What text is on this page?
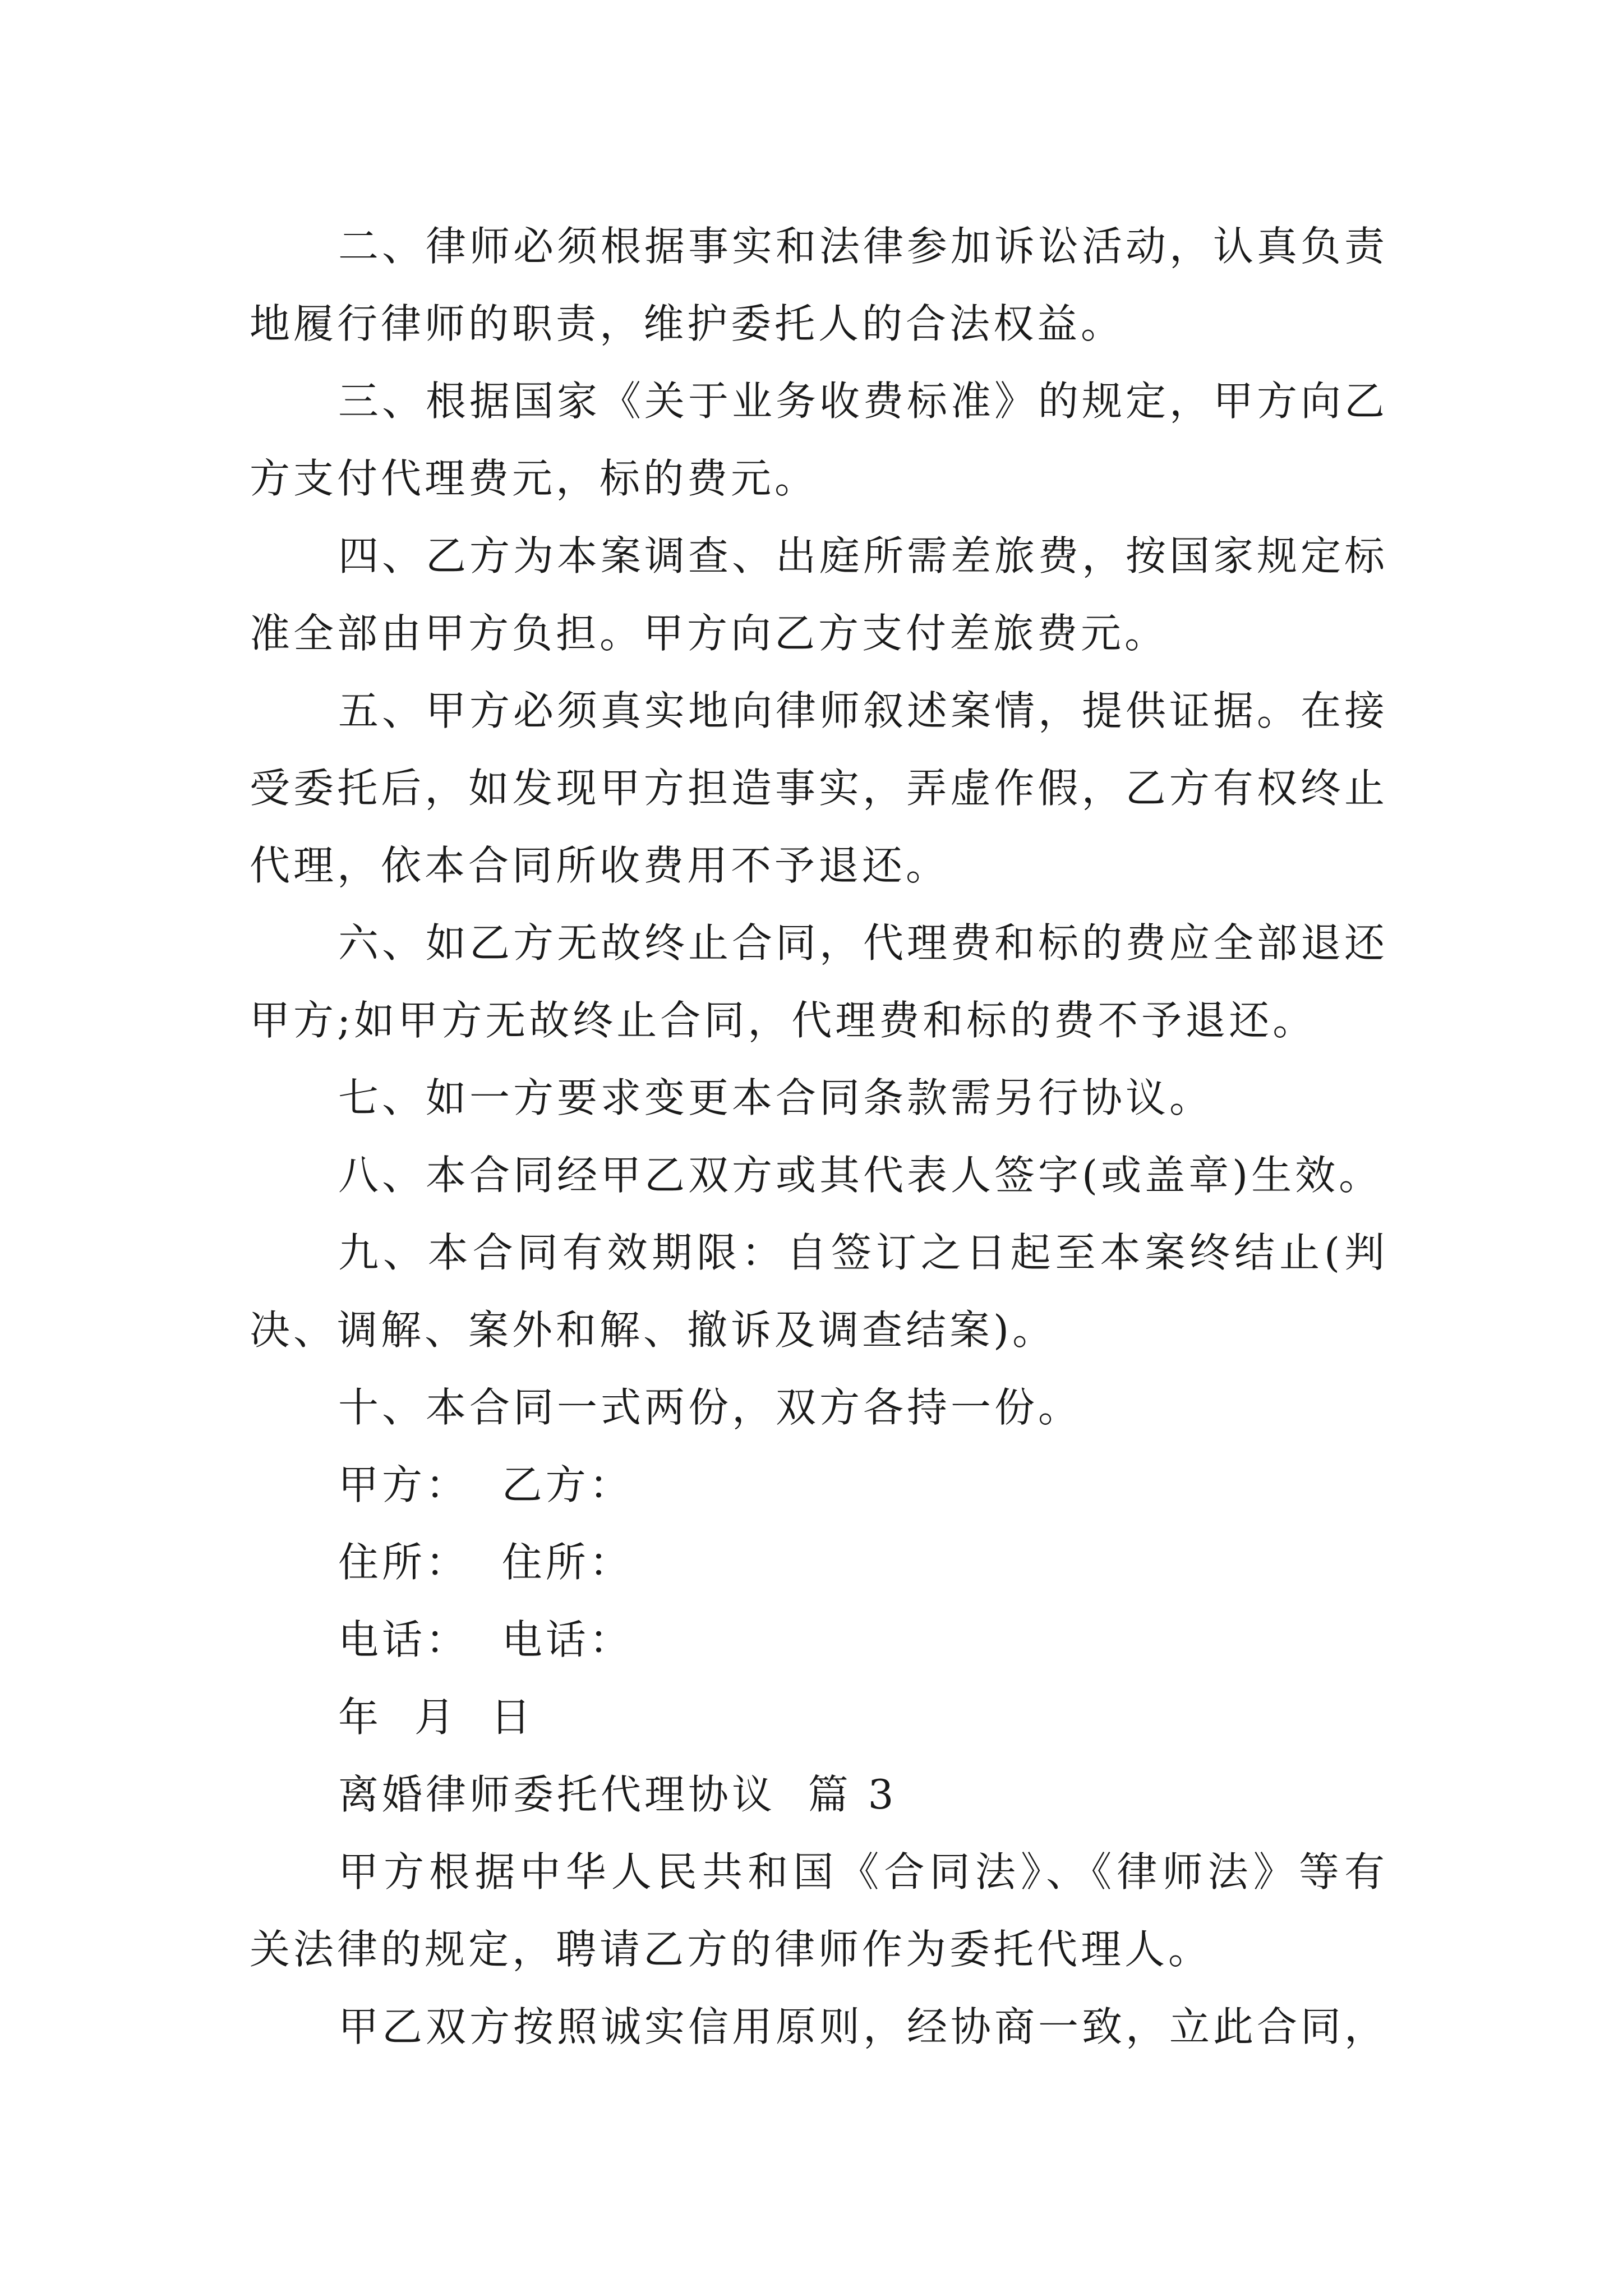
二、律师必须根据事实和法律参加诉讼活动，认真负责地履行律师的职责，维护委托人的合法权益。

三、根据国家《关于业务收费标准》的规定，甲方向乙方支付代理费元，标的费元。

四、乙方为本案调查、出庭所需差旅费，按国家规定标准全部由甲方负担。甲方向乙方支付差旅费元。

五、甲方必须真实地向律师叙述案情，提供证据。在接受委托后，如发现甲方担造事实，弄虚作假，乙方有权终止代理，依本合同所收费用不予退还。

六、如乙方无故终止合同，代理费和标的费应全部退还甲方;如甲方无故终止合同，代理费和标的费不予退还。

七、如一方要求变更本合同条款需另行协议。

八、本合同经甲乙双方或其代表人签字(或盖章)生效。

九、本合同有效期限：自签订之日起至本案终结止(判决、调解、案外和解、撤诉及调查结案)。

十、本合同一式两份，双方各持一份。

甲方：  乙方：

住所：  住所：

电话：  电话：

年  月  日

离婚律师委托代理协议  篇 3

甲方根据中华人民共和国《合同法》、《律师法》等有关法律的规定，聘请乙方的律师作为委托代理人。

甲乙双方按照诚实信用原则，经协商一致，立此合同，
